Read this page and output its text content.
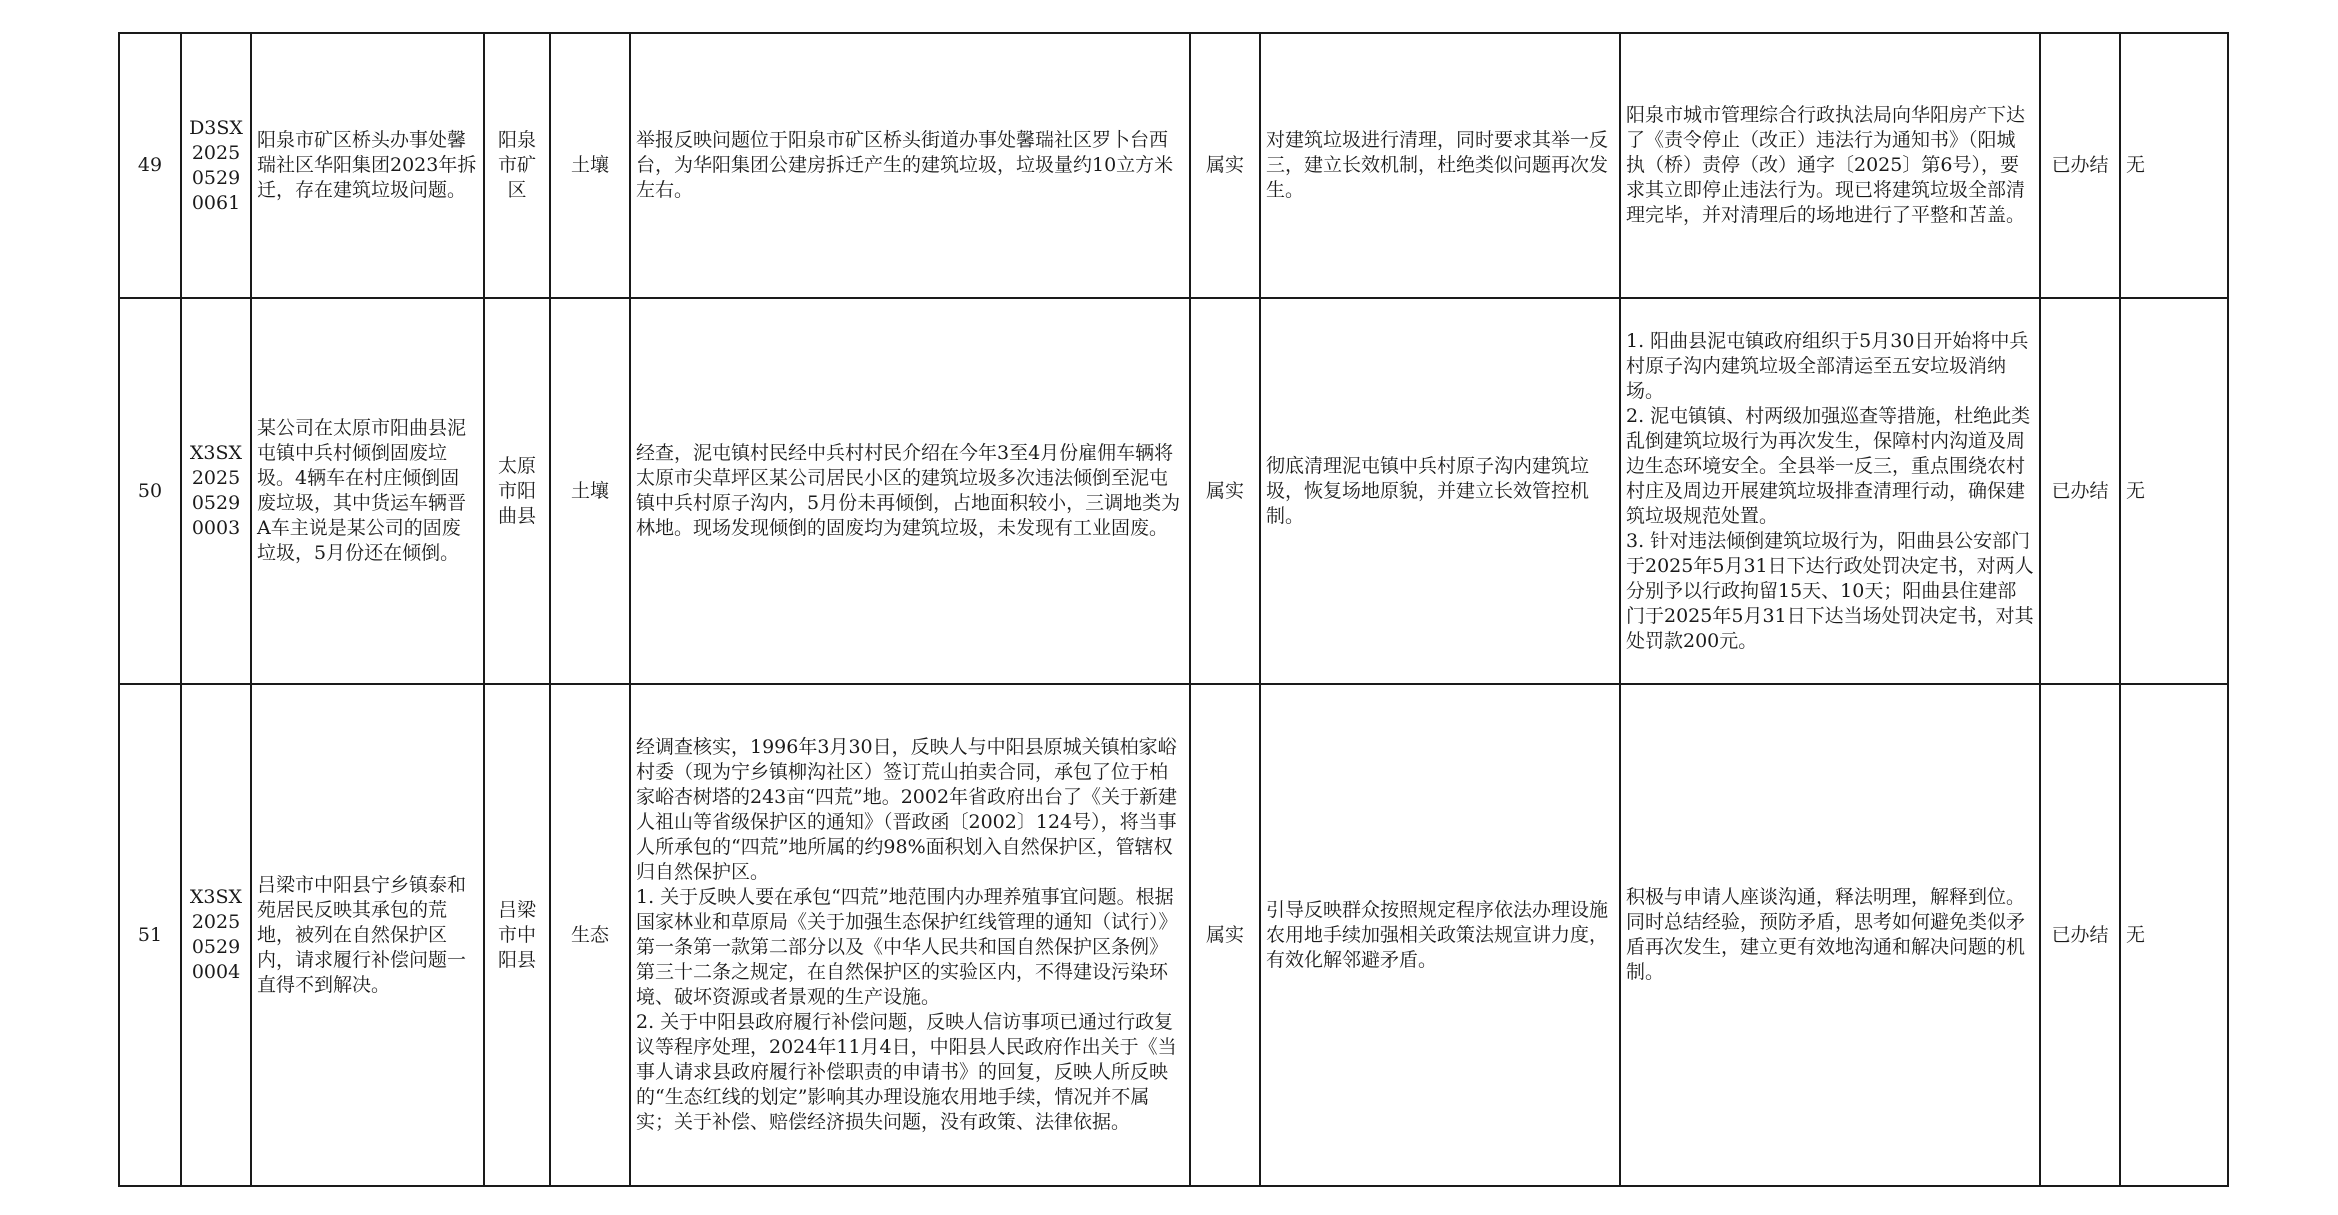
49	D3SX20250529 0061	阳泉市矿区桥头办事处馨瑞社区华阳集团2023年拆迁，存在建筑垃圾问题。	阳泉市矿区	土壤	举报反映问题位于阳泉市矿区桥头街道办事处馨瑞社区罗卜台西台，为华阳集团公建房拆迁产生的建筑垃圾，垃圾量约10立方米左右。	属实	对建筑垃圾进行清理，同时要求其举一反三，建立长效机制，杜绝类似问题再次发生。	阳泉市城市管理综合行政执法局向华阳房产下达了《责令停止（改正）违法行为通知书》（阳城执（桥）责停（改）通字〔2025〕第6号），要求其立即停止违法行为。现已将建筑垃圾全部清理完毕，并对清理后的场地进行了平整和苫盖。	已办结	无
50	X3SX20250529 0003	某公司在太原市阳曲县泥屯镇中兵村倾倒固废垃圾。4辆车在村庄倾倒固废垃圾，其中货运车辆晋A车主说是某公司的固废垃圾，5月份还在倾倒。	太原市阳曲县	土壤	经查，泥屯镇村民经中兵村村民介绍在今年3至4月份雇佣车辆将太原市尖草坪区某公司居民小区的建筑垃圾多次违法倾倒至泥屯镇中兵村原子沟内，5月份未再倾倒，占地面积较小，三调地类为林地。现场发现倾倒的固废均为建筑垃圾，未发现有工业固废。	属实	彻底清理泥屯镇中兵村原子沟内建筑垃圾，恢复场地原貌，并建立长效管控机制。	1. 阳曲县泥屯镇政府组织于5月30日开始将中兵村原子沟内建筑垃圾全部清运至五安垃圾消纳场。
2. 泥屯镇镇、村两级加强巡查等措施，杜绝此类乱倒建筑垃圾行为再次发生，保障村内沟道及周边生态环境安全。全县举一反三，重点围绕农村村庄及周边开展建筑垃圾排查清理行动，确保建筑垃圾规范处置。
3. 针对违法倾倒建筑垃圾行为，阳曲县公安部门于2025年5月31日下达行政处罚决定书，对两人分别予以行政拘留15天、10天；阳曲县住建部门于2025年5月31日下达当场处罚决定书，对其处罚款200元。	已办结	无
51	X3SX20250529 0004	吕梁市中阳县宁乡镇泰和苑居民反映其承包的荒地，被列在自然保护区内，请求履行补偿问题一直得不到解决。	吕梁市中阳县	生态	经调查核实，1996年3月30日，反映人与中阳县原城关镇柏家峪村委（现为宁乡镇柳沟社区）签订荒山拍卖合同，承包了位于柏家峪杏树塔的243亩“四荒”地。2002年省政府出台了《关于新建人祖山等省级保护区的通知》（晋政函〔2002〕124号），将当事人所承包的“四荒”地所属的约98%面积划入自然保护区，管辖权归自然保护区。
1. 关于反映人要在承包“四荒”地范围内办理养殖事宜问题。根据国家林业和草原局《关于加强生态保护红线管理的通知（试行）》第一条第一款第二部分以及《中华人民共和国自然保护区条例》第三十二条之规定，在自然保护区的实验区内，不得建设污染环境、破坏资源或者景观的生产设施。
2. 关于中阳县政府履行补偿问题，反映人信访事项已通过行政复议等程序处理，2024年11月4日，中阳县人民政府作出关于《当事人请求县政府履行补偿职责的申请书》的回复，反映人所反映的“生态红线的划定”影响其办理设施农用地手续，情况并不属实；关于补偿、赔偿经济损失问题，没有政策、法律依据。	属实	引导反映群众按照规定程序依法办理设施农用地手续加强相关政策法规宣讲力度，有效化解邻避矛盾。	积极与申请人座谈沟通，释法明理，解释到位。同时总结经验，预防矛盾，思考如何避免类似矛盾再次发生，建立更有效地沟通和解决问题的机制。	已办结	无
